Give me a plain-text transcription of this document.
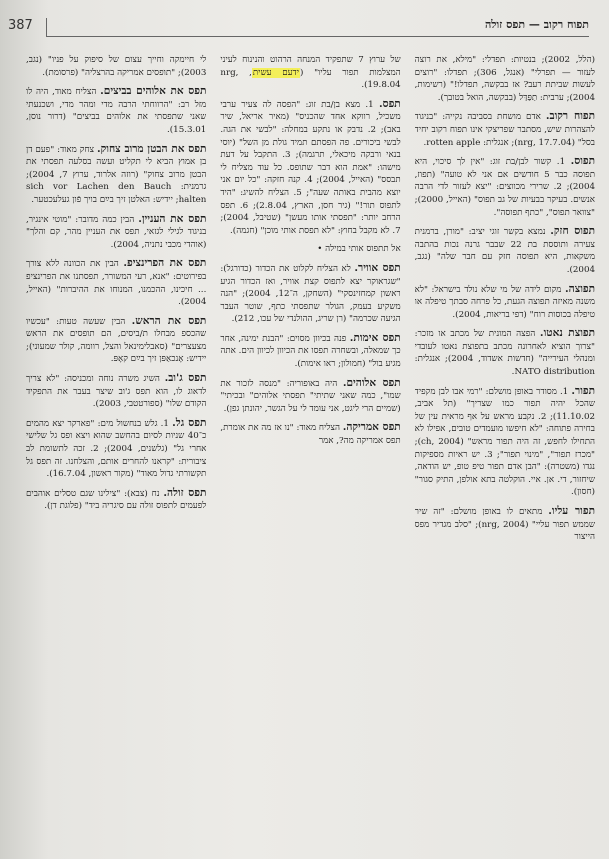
387	תפוח רקוב — תפס זולה

(הלל, 2002); בנטיות: תפדלי: "מילא, את רוצה לעזור — תפרלי" (אנגל, 306); תפדלו: "רוצים לעשות שביתת רעב? אז בבקשה, תפדלו!" (רשימות, 2004); ערבית: תַפַּדַּל (בבקשה, הואל בטובך).

תפוח רקוב. אדם מושחת בסביבה נקייה: "בניגוד להצהרות שיש, מסתבר שפריצקי אינו תפוח רקוב יחיד בסל" (nrg, 17.7.04); אנגלית: rotten apple.

תפוס. 1. קשור לבן/בת זוג: "אין לך סיכוי, היא תפוסה כבר 5 חודשים אם אני לא טועה" (תפוז, 2004); 2. שרירי מכווצים: "יצא לעזור לדי הרבה אנשים. בעיקר בבעיות של גב תפוס" (האייל, 2000); "צוואר תפוס", "כתף תפוסה".

תפוס חזק. נמצא בקשר זוגי יציב: "מורן, ברמנית צעירה ותוססת בת 22 שבבר גרנה נכות בהתבה משקאות, היא תפוסה חזק עם חבר שלה" (נגב, 2004).

תפוצה. מקום לידה של מי שלא נולד בישראל: "לא משנה מאיזה תפוצה הגעת, כל פרחה סבתך טיפלה או טיפלה בכוסות רוח" (דפי בריאות, 2004).

תפוצת נאטו. הפצה המונית של מכתב או מזכר: "צרוך הוציא לאחרונה מכתב בתפוצת נאטו לעובדי ומנהלי העירייה" (חדשות אשדוד, 2004); אנגלית: NATO distribution.

תפור. 1. מסודר באופן מושלם: "רמי אבו לבן מקפיד שהכל יהיה תפור כמו שצריך" (תל אביב, 11.10.02); 2. נקבע מראש על אף מראית עין של בחירה פתוחה: "לא חיפשו מועמדים טובים, אפילו לא התחילו לחפש, זה היה תפור מראש" (ch, 2004); "מכרז תפור", "מינוי תפור"; 3. יש ראיות מספיקות נגדו (משטרה): "הבן אדם תפור טיפ טופ, יש הודאה, שיחזור, די. אן. איי. הוקלטה בתא אולפן, התיק סגור" (חסון).

תפור עליו. מתאים לו באופן מושלם: "זה שיר שממש תפור עליי" (nrg, 2004); "סלב מגדיר מפס הייצור

של ערוץ 7 שתפקיד המנחה הרהוט והנינוח לעיני המצלמות תפור עליו" (ידעם עשית, nrg, 19.8.04).

תפס. 1. מצא בן/בת זוג: "הפסה לה צעיר ערבי משכיל, רווקא אחד שהכניס" (מאיר אריאל, שיר באב); 2. נדבק או נתקע במחלה: "לבשי את הגה. לבשי ביכורים. פה הפסתם תמיד גולת מן השל" (יוסי בנאי ורבקה מיכאלי, תרגמה); 3. התקבל על דעת מישהו: "אמת הוא דבר שתופס. כל עוד מצליח לי תבסס" (האייל, 2004); 4. קנה חזקה: "כל יום אני יוצא מהבית באותה שעה"; 5. הצליח להשיג: "היד לתפוס תור!" (גיר חסן, הארץ, 2.8.04); 6. תפס הרחב יותר: "תפסתי אותו מעשן" (שטיבל, 2004); 7. לא מקבל בחוץ: "לא תפסת אותי מוכן" (חגמה).

אל תתפוס אותי במילה •

תפס אוויר. לא הצליח לקלוט את הכדור (כדורגל): "שגראוקר יצא לתפוס קצת אוויר, ואז הכדור הגיע ראשון קמחזינסקי" (השחקן, ה־12, 2004); "הנה משקיע בעמק, הגולר שתפסתי כתף, שוטר העבר הגיעה שכרמה" (רן שריג, ההולנדי של עכו, 212).

תפס אימות. פנה בכיוון מסוים: "הבנת ימינה, אחר כך שמאלה, ובשחרה תפסו את הכיוון לכיוון הים. אתה מגיע בול" (חמולון; ראו אימות).

תפס אלוהים. היה באופוריה: "מנסה לזכור את שמו", כמה שאני שתיתי" תפסתי אלוהים" ובכיתי" (שמיים הרי ליגט, אני עומד לי על הגשר, יהונתן גפן).

תפס אמריקה. הצליח מאוד: "נו אז מה את אומרת, תפס אמריקה מה?, אמר

לי חיימקה וחייך עצום של סיפוק על פניו" (נגב, 2003); "תופסים אמריקה בהרצליה" (פרסומת).

תפס את אלוהים בביצים. הצליח מאוד, היה לו מזל רב: "הרווחתי הרבה מדי ומהר מדי, ושכנעתי שאני שתפסתי את אלוהים בביצים" (דרור נוסן, 15.3.01).

תפס את הבטן מרוב צחוק. צחק מאוד: "פעם דן בן אמוץ הביא לי תקליט ועשה בסלעה תפסתי את הבטן מרוב צחוק" (רוזה אלרוד, ערוץ 7, 2004); גרמנית: sich vor Lachen den Bauch halten; יידיש: האלטן זיך בײַם בויך פֿון געלעכטער.

תפס את העניין. הבין כמה מדובר: "מוטי אינגיר, בניגוד לגילי לגזאי, תפס את העניין מהר, קם והלך" (אוהדי מכבי נתניה, 2004).

תפס את הפרינציפ. הבין את הכוונה ללא צורך בפירוטים: "אנא, רעי המשורר, תפסתנו את הפרינציפ ... חיכינו, ההכמנו, המנוחו את ההיברות" (האייל, 2004).

תפס את הראש. הבין שעשה טעות: "עכשיו שהכספ מבחלו ת/ביסים, הם תופסים את הראש מצעצרים" (סאבלימינאל והצל, רוומה, קולר שמעוני); יידיש: אָנכאַפּן זיך בײַם קאָפּ.

תפס ג'וב. השיג משרה נוחה ומכניסה: "לא צריך לדאוג לו, הוא תפס ג'וב שיצר בעבר את התפקיד הקודם שלו" (ספורטטבי, 2003).

תפס גל. 1. גלש בנחשול מים: "פארקר יצא מהמים כ־40 שניות לסיום בהחשב שהוא ויצא ופס גל שלישי אחרי גל" (גלשנים, 2004); 2. זכה לתשומת לב ציבורית: "קראנו להחרים אותם, והצלחנו. זה תפס גל תקשורתי גדול מאוד" (מקור ראשון, 16.7.04).

תפס זולה. נח (צבא): "צילינו שגם טסלים אוהבים לפעמים לתפוס זולה עם סיגריה ביד" (פלוגת דן).
